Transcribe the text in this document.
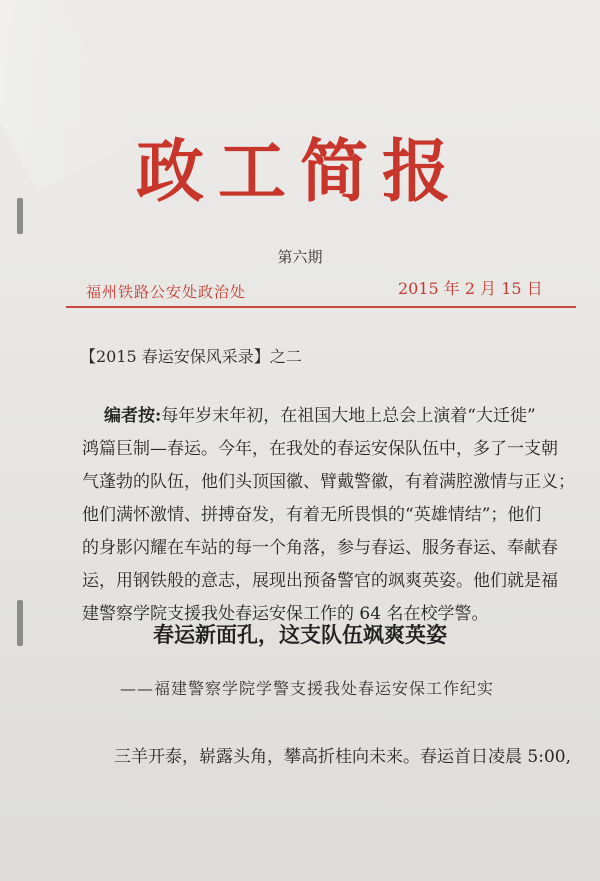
政工简报
第六期
福州铁路公安处政治处	2015 年 2 月 15 日
【2015 春运安保风采录】之二
编者按:每年岁末年初，在祖国大地上总会上演着“大迁徙”
鸿篇巨制—春运。今年，在我处的春运安保队伍中，多了一支朝
气蓬勃的队伍，他们头顶国徽、臂戴警徽，有着满腔激情与正义；
他们满怀激情、拼搏奋发，有着无所畏惧的“英雄情结”；他们
的身影闪耀在车站的每一个角落，参与春运、服务春运、奉献春
运，用钢铁般的意志，展现出预备警官的飒爽英姿。他们就是福
建警察学院支援我处春运安保工作的 64 名在校学警。
春运新面孔，这支队伍飒爽英姿
——福建警察学院学警支援我处春运安保工作纪实
三羊开泰，崭露头角，攀高折桂向未来。春运首日凌晨 5:00,
